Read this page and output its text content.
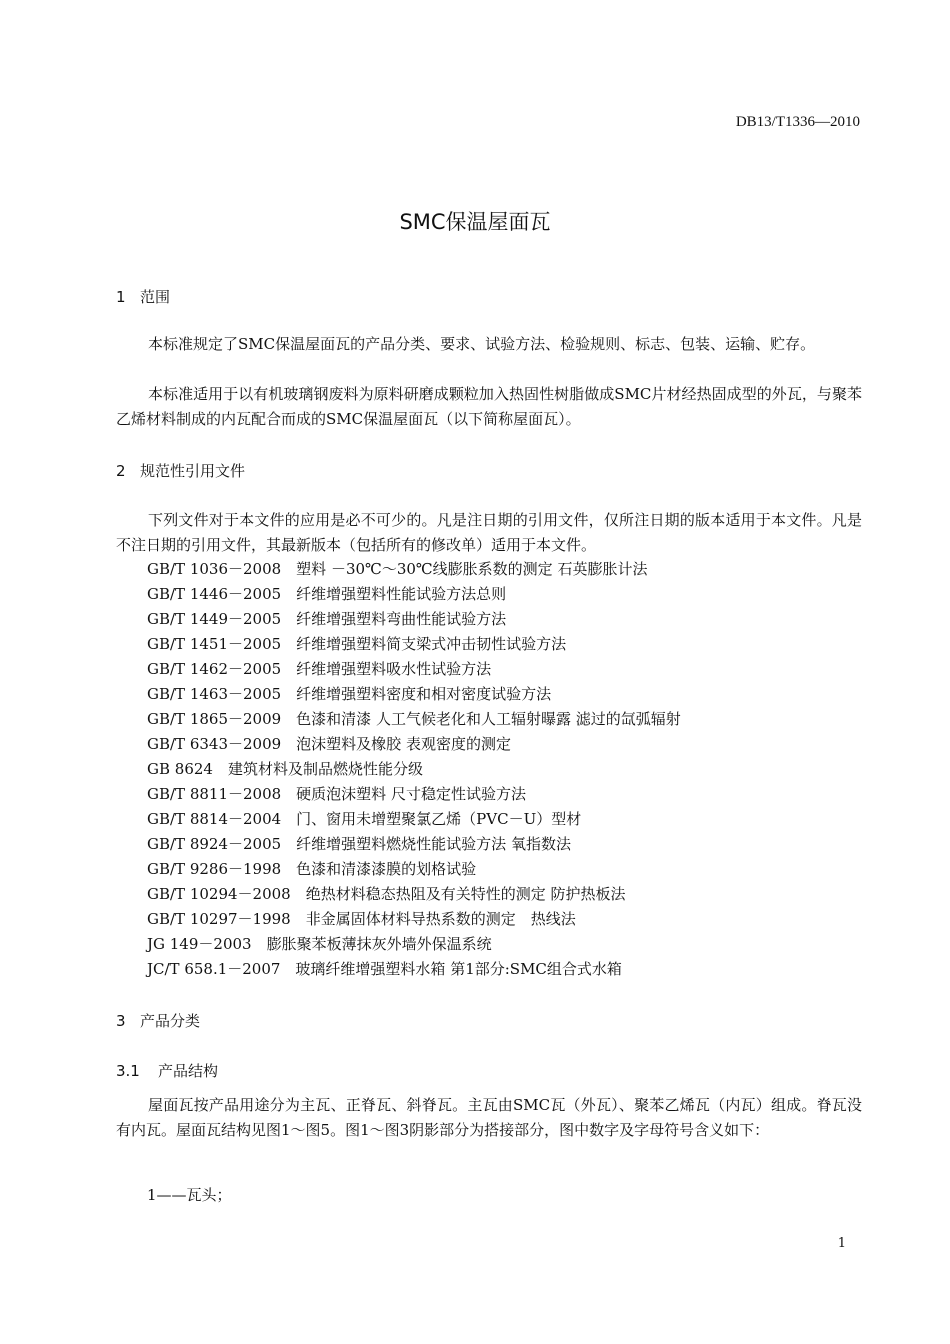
DB13/T1336—2010
SMC保温屋面瓦
1 范围

本标准规定了SMC保温屋面瓦的产品分类、要求、试验方法、检验规则、标志、包装、运输、贮存。

本标准适用于以有机玻璃钢废料为原料研磨成颗粒加入热固性树脂做成SMC片材经热固成型的外瓦，与聚苯乙烯材料制成的内瓦配合而成的SMC保温屋面瓦（以下简称屋面瓦）。

2 规范性引用文件

下列文件对于本文件的应用是必不可少的。凡是注日期的引用文件，仅所注日期的版本适用于本文件。凡是不注日期的引用文件，其最新版本（包括所有的修改单）适用于本文件。

GB/T 1036－2008　塑料 －30℃～30℃线膨胀系数的测定 石英膨胀计法
GB/T 1446－2005　纤维增强塑料性能试验方法总则
GB/T 1449－2005　纤维增强塑料弯曲性能试验方法
GB/T 1451－2005　纤维增强塑料简支梁式冲击韧性试验方法
GB/T 1462－2005　纤维增强塑料吸水性试验方法
GB/T 1463－2005　纤维增强塑料密度和相对密度试验方法
GB/T 1865－2009　色漆和清漆 人工气候老化和人工辐射曝露 滤过的氙弧辐射
GB/T 6343－2009　泡沫塑料及橡胶 表观密度的测定
GB 8624　建筑材料及制品燃烧性能分级
GB/T 8811－2008　硬质泡沫塑料 尺寸稳定性试验方法
GB/T 8814－2004　门、窗用未增塑聚氯乙烯（PVC－U）型材
GB/T 8924－2005　纤维增强塑料燃烧性能试验方法 氧指数法
GB/T 9286－1998　色漆和清漆漆膜的划格试验
GB/T 10294－2008　绝热材料稳态热阻及有关特性的测定 防护热板法
GB/T 10297－1998　非金属固体材料导热系数的测定　热线法
JG 149－2003　膨胀聚苯板薄抹灰外墙外保温系统
JC/T 658.1－2007　玻璃纤维增强塑料水箱 第1部分:SMC组合式水箱
3 产品分类
3.1 产品结构

屋面瓦按产品用途分为主瓦、正脊瓦、斜脊瓦。主瓦由SMC瓦（外瓦）、聚苯乙烯瓦（内瓦）组成。脊瓦没有内瓦。屋面瓦结构见图1～图5。图1～图3阴影部分为搭接部分，图中数字及字母符号含义如下：

1——瓦头；
1
